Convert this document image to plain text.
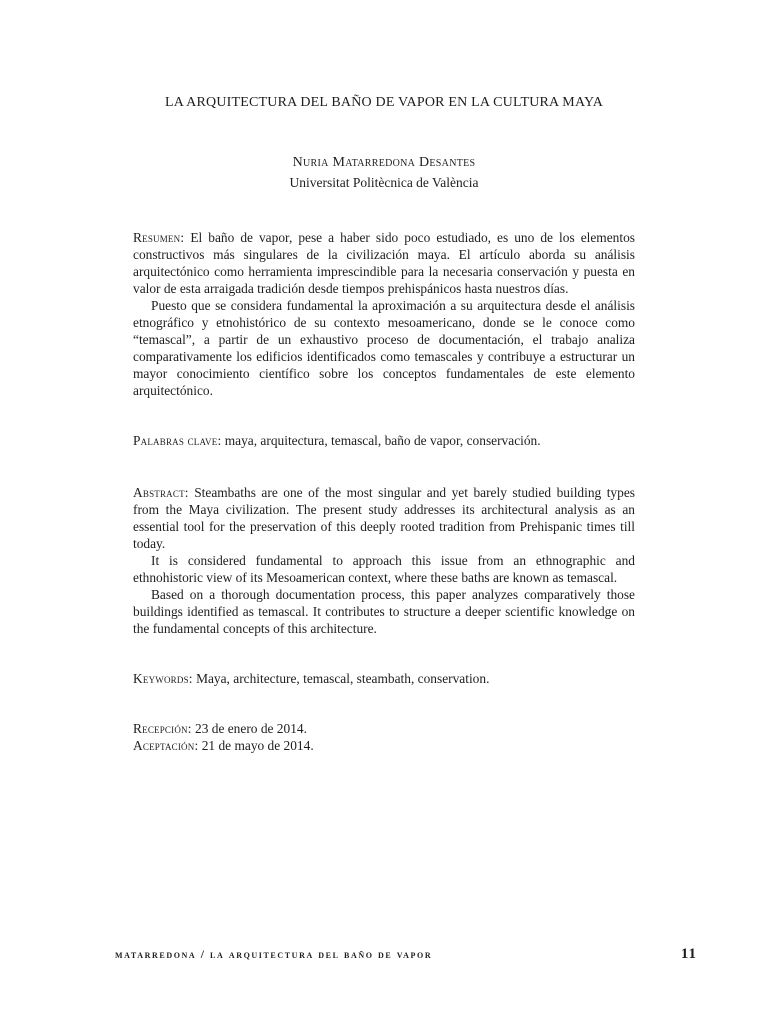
LA ARQUITECTURA DEL BAÑO DE VAPOR EN LA CULTURA MAYA
Nuria Matarredona Desantes
Universitat Politècnica de València

Resumen: El baño de vapor, pese a haber sido poco estudiado, es uno de los elementos constructivos más singulares de la civilización maya. El artículo aborda su análisis arquitectónico como herramienta imprescindible para la necesaria conservación y puesta en valor de esta arraigada tradición desde tiempos prehispánicos hasta nuestros días.

Puesto que se considera fundamental la aproximación a su arquitectura desde el análisis etnográfico y etnohistórico de su contexto mesoamericano, donde se le conoce como “temascal”, a partir de un exhaustivo proceso de documentación, el trabajo analiza comparativamente los edificios identificados como temascales y contribuye a estructurar un mayor conocimiento científico sobre los conceptos fundamentales de este elemento arquitectónico.

Palabras clave: maya, arquitectura, temascal, baño de vapor, conservación.

Abstract: Steambaths are one of the most singular and yet barely studied building types from the Maya civilization. The present study addresses its architectural analysis as an essential tool for the preservation of this deeply rooted tradition from Prehispanic times till today.

It is considered fundamental to approach this issue from an ethnographic and ethnohistoric view of its Mesoamerican context, where these baths are known as temascal.

Based on a thorough documentation process, this paper analyzes comparatively those buildings identified as temascal. It contributes to structure a deeper scientific knowledge on the fundamental concepts of this architecture.

Keywords: Maya, architecture, temascal, steambath, conservation.

Recepción: 23 de enero de 2014.

Aceptación: 21 de mayo de 2014.

matarredona / la arquitectura del baño de vapor	11
